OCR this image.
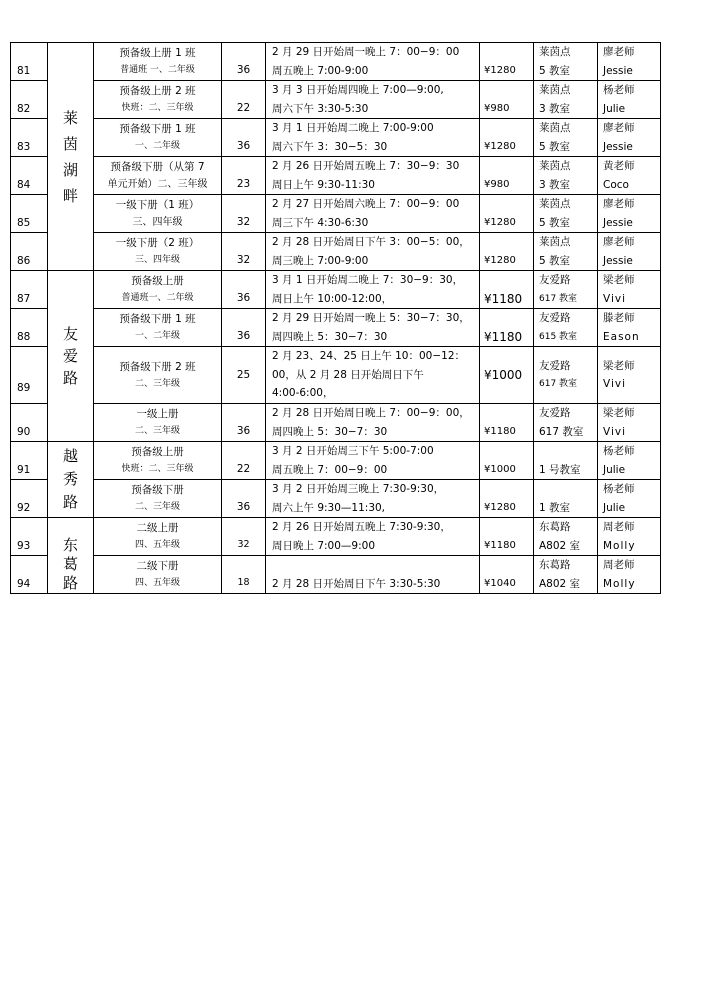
81	莱
茵
湖
畔	预备级上册 1 班
普通班 一、二年级	36	2 月 29 日开始周一晚上 7：00−9：00
周五晚上 7:00-9:00	¥1280	莱茵点
5 教室	廖老师
Jessie

82		预备级上册 2 班
快班：二、三年级	22	3 月 3 日开始周四晚上 7:00—9:00,
周六下午 3:30-5:30	¥980	莱茵点
3 教室	杨老师
Julie

83		预备级下册 1 班
一、二年级	36	3 月 1 日开始周二晚上 7:00-9:00
周六下午 3：30−5：30	¥1280	莱茵点
5 教室	廖老师
Jessie

84		预备级下册（从第 7
单元开始）二、三年级	23	2 月 26 日开始周五晚上 7：30−9：30
周日上午 9:30-11:30	¥980	莱茵点
3 教室	黄老师
Coco

85		一级下册（1 班）
三、四年级	32	2 月 27 日开始周六晚上 7：00−9：00
周三下午 4:30-6:30	¥1280	莱茵点
5 教室	廖老师
Jessie

86		一级下册（2 班）
三、四年级	32	2 月 28 日开始周日下午 3：00−5：00，
周三晚上 7:00-9:00	¥1280	莱茵点
5 教室	廖老师
Jessie

87	友
爱
路	预备级上册
普通班一、二年级	36	3 月 1 日开始周二晚上 7：30−9：30，
周日上午 10:00-12:00，	¥1180	友爱路
617 教室	梁老师
Vivi

88		预备级下册 1 班
一、二年级	36	2 月 29 日开始周一晚上 5：30−7：30，
周四晚上 5：30−7：30	¥1180	友爱路
615 教室	滕老师
Eason

89		预备级下册 2 班
二、三年级	25	2 月 23、24、25 日上午 10：00−12：
00，从 2 月 28 日开始周日下午
4:00-6:00，	¥1000	友爱路
617 教室	梁老师
Vivi

90		一级上册
二、三年级	36	2 月 28 日开始周日晚上 7：00−9：00，
周四晚上 5：30−7：30	¥1180	友爱路
617 教室	梁老师
Vivi

91	越
秀
路	预备级上册
快班：二、三年级	22	3 月 2 日开始周三下午 5:00-7:00
周五晚上 7：00−9：00	¥1000	1 号教室	杨老师
Julie

92		预备级下册
二、三年级	36	3 月 2 日开始周三晚上 7:30-9:30，
周六上午 9:30—11:30,	¥1280	1 教室	杨老师
Julie

93	东
葛
路	二级上册
四、五年级	32	2 月 26 日开始周五晚上 7:30-9:30，
周日晚上 7:00—9:00	¥1180	东葛路
A802 室	周老师
Molly

94		二级下册
四、五年级	18	2 月 28 日开始周日下午 3:30-5:30	¥1040	东葛路
A802 室	周老师
Molly
